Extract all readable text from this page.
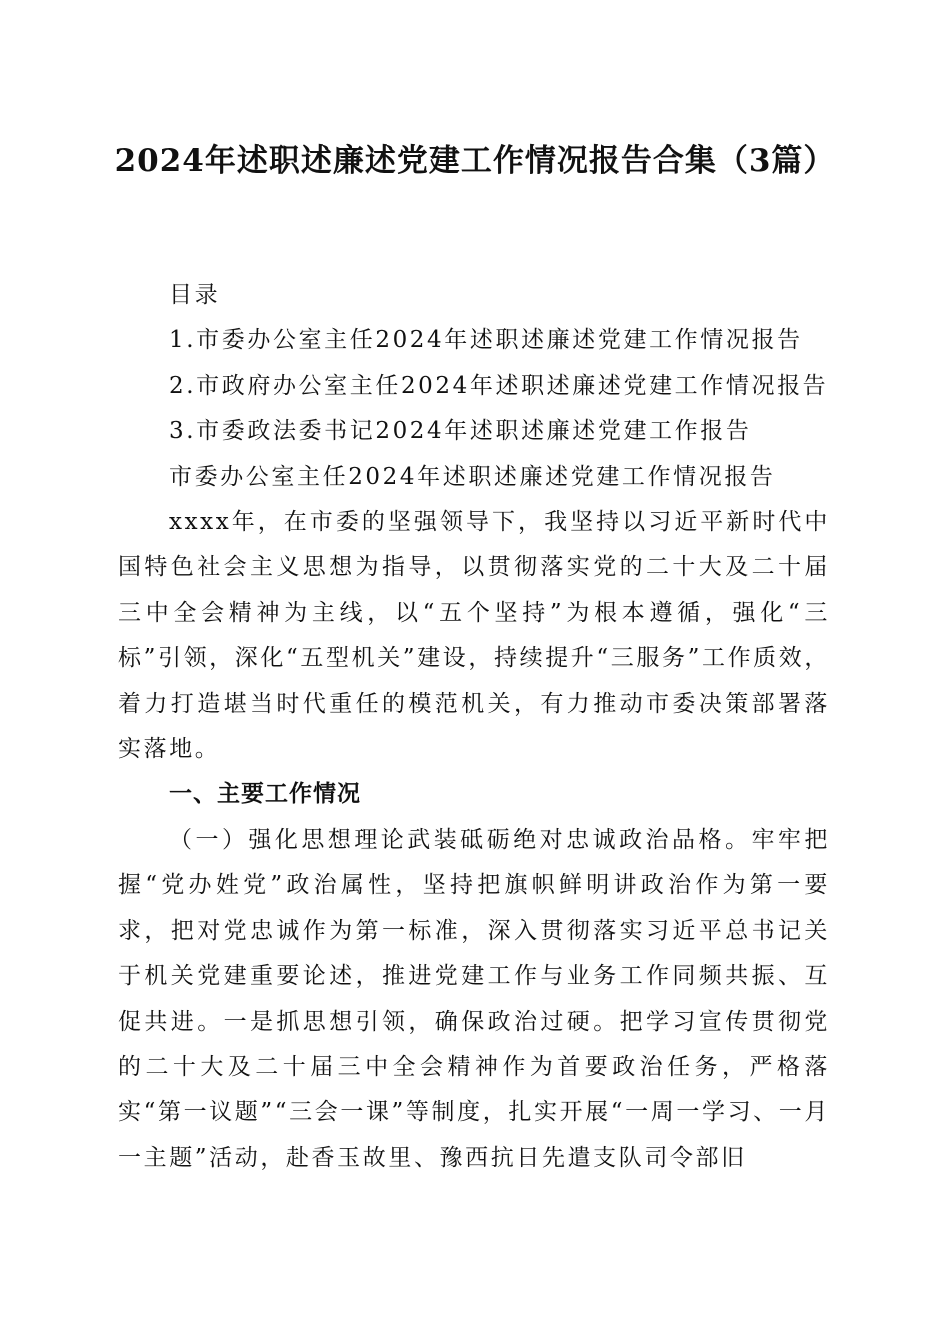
2024年述职述廉述党建工作情况报告合集（3篇）

目录

1.市委办公室主任2024年述职述廉述党建工作情况报告

2.市政府办公室主任2024年述职述廉述党建工作情况报告

3.市委政法委书记2024年述职述廉述党建工作报告

市委办公室主任2024年述职述廉述党建工作情况报告

xxxx年，在市委的坚强领导下，我坚持以习近平新时代中国特色社会主义思想为指导，以贯彻落实党的二十大及二十届三中全会精神为主线，以“五个坚持”为根本遵循，强化“三标”引领，深化“五型机关”建设，持续提升“三服务”工作质效，着力打造堪当时代重任的模范机关，有力推动市委决策部署落实落地。

一、主要工作情况

（一）强化思想理论武装砥砺绝对忠诚政治品格。牢牢把握“党办姓党”政治属性，坚持把旗帜鲜明讲政治作为第一要求，把对党忠诚作为第一标准，深入贯彻落实习近平总书记关于机关党建重要论述，推进党建工作与业务工作同频共振、互促共进。一是抓思想引领，确保政治过硬。把学习宣传贯彻党的二十大及二十届三中全会精神作为首要政治任务，严格落实“第一议题”“三会一课”等制度，扎实开展“一周一学习、一月一主题”活动，赴香玉故里、豫西抗日先遣支队司令部旧
